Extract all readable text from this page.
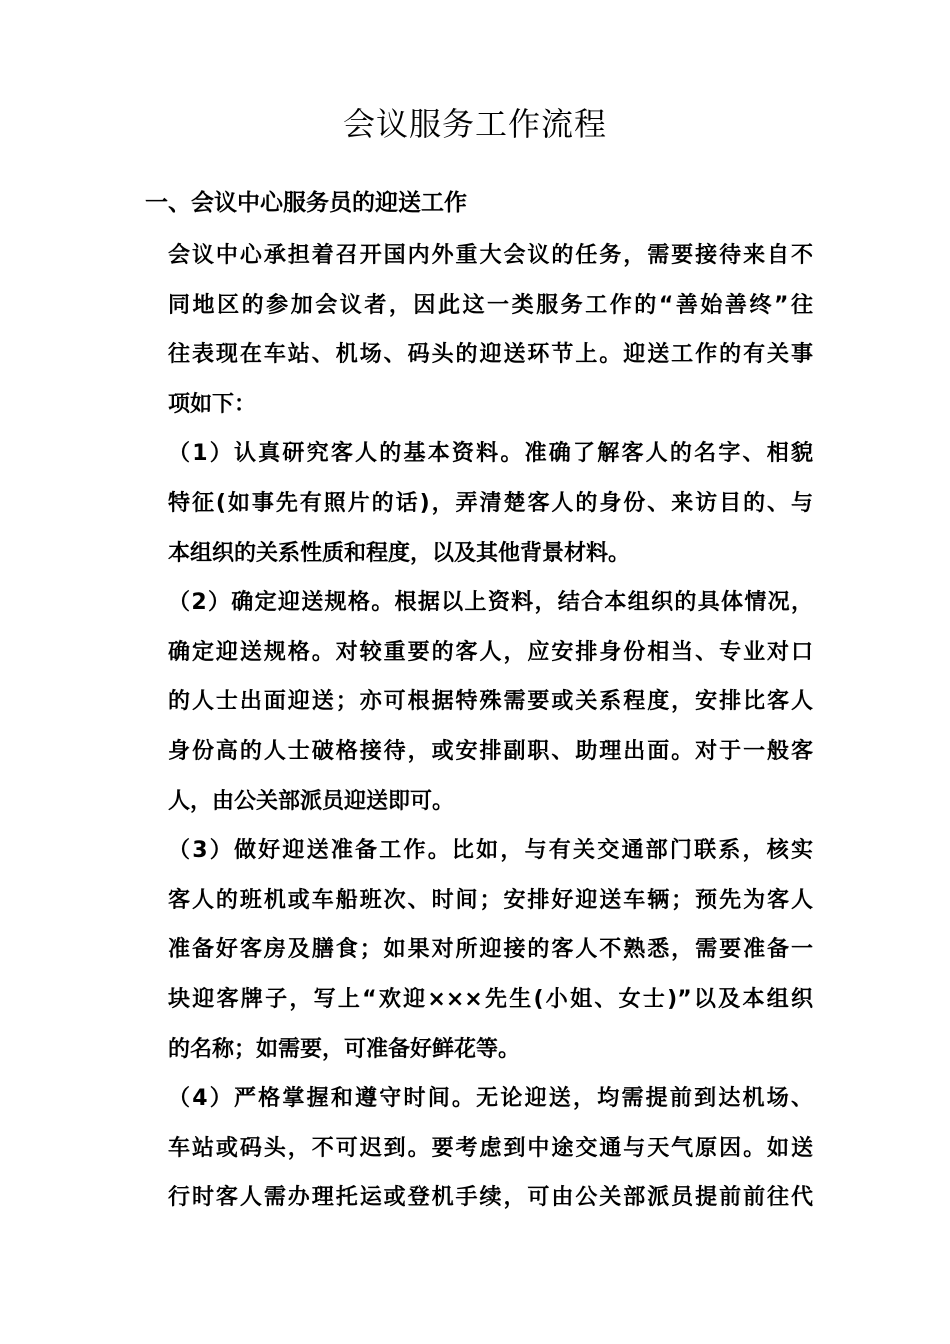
会议服务工作流程
一、会议中心服务员的迎送工作
会议中心承担着召开国内外重大会议的任务，需要接待来自不
同地区的参加会议者，因此这一类服务工作的“善始善终”往
往表现在车站、机场、码头的迎送环节上。迎送工作的有关事
项如下：
（1）认真研究客人的基本资料。准确了解客人的名字、相貌
特征(如事先有照片的话)，弄清楚客人的身份、来访目的、与
本组织的关系性质和程度，以及其他背景材料。
（2）确定迎送规格。根据以上资料，结合本组织的具体情况，
确定迎送规格。对较重要的客人，应安排身份相当、专业对口
的人士出面迎送；亦可根据特殊需要或关系程度，安排比客人
身份高的人士破格接待，或安排副职、助理出面。对于一般客
人，由公关部派员迎送即可。
（3）做好迎送准备工作。比如，与有关交通部门联系，核实
客人的班机或车船班次、时间；安排好迎送车辆；预先为客人
准备好客房及膳食；如果对所迎接的客人不熟悉，需要准备一
块迎客牌子，写上“欢迎×××先生(小姐、女士)”以及本组织
的名称；如需要，可准备好鲜花等。
（4）严格掌握和遵守时间。无论迎送，均需提前到达机场、
车站或码头，不可迟到。要考虑到中途交通与天气原因。如送
行时客人需办理托运或登机手续，可由公关部派员提前前往代
